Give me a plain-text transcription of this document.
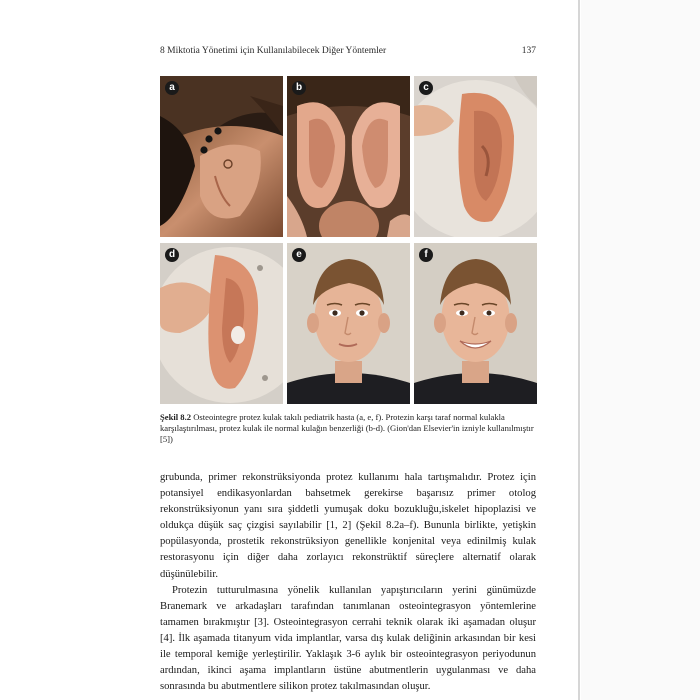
8 Miktotia Yönetimi için Kullanılabilecek Diğer Yöntemler	137
a	b	c
d	e	f
Şekil 8.2 Osteointegre protez kulak takılı pediatrik hasta (a, e, f). Protezin karşı taraf normal kulakla karşılaştırılması, protez kulak ile normal kulağın benzerliği (b-d). (Gion'dan Elsevier'in izniyle kullanılmıştır [5])

grubunda, primer rekonstrüksiyonda protez kullanımı hala tartışmalıdır. Protez için potansiyel endikasyonlardan bahsetmek gerekirse başarısız primer otolog rekonstrüksiyonun yanı sıra şiddetli yumuşak doku bozukluğu,iskelet hipoplazisi ve oldukça düşük saç çizgisi sayılabilir [1, 2] (Şekil 8.2a–f). Bununla birlikte, yetişkin popülasyonda, prostetik rekonstrüksiyon genellikle konjenital veya edinilmiş kulak restorasyonu için diğer daha zorlayıcı rekonstrüktif süreçlere alternatif olarak düşünülebilir.

Protezin tutturulmasına yönelik kullanılan yapıştırıcıların yerini günümüzde Branemark ve arkadaşları tarafından tanımlanan osteointegrasyon yöntemlerine tamamen bırakmıştır [3]. Osteointegrasyon cerrahi teknik olarak iki aşamadan oluşur [4]. İlk aşamada titanyum vida implantlar, varsa dış kulak deliğinin arkasından bir kesi ile temporal kemiğe yerleştirilir. Yaklaşık 3-6 aylık bir osteointegrasyon periyodunun ardından, ikinci aşama implantların üstüne abutmentlerin uygulanması ve daha sonrasında bu abutmentlere silikon protez takılmasından oluşur.
